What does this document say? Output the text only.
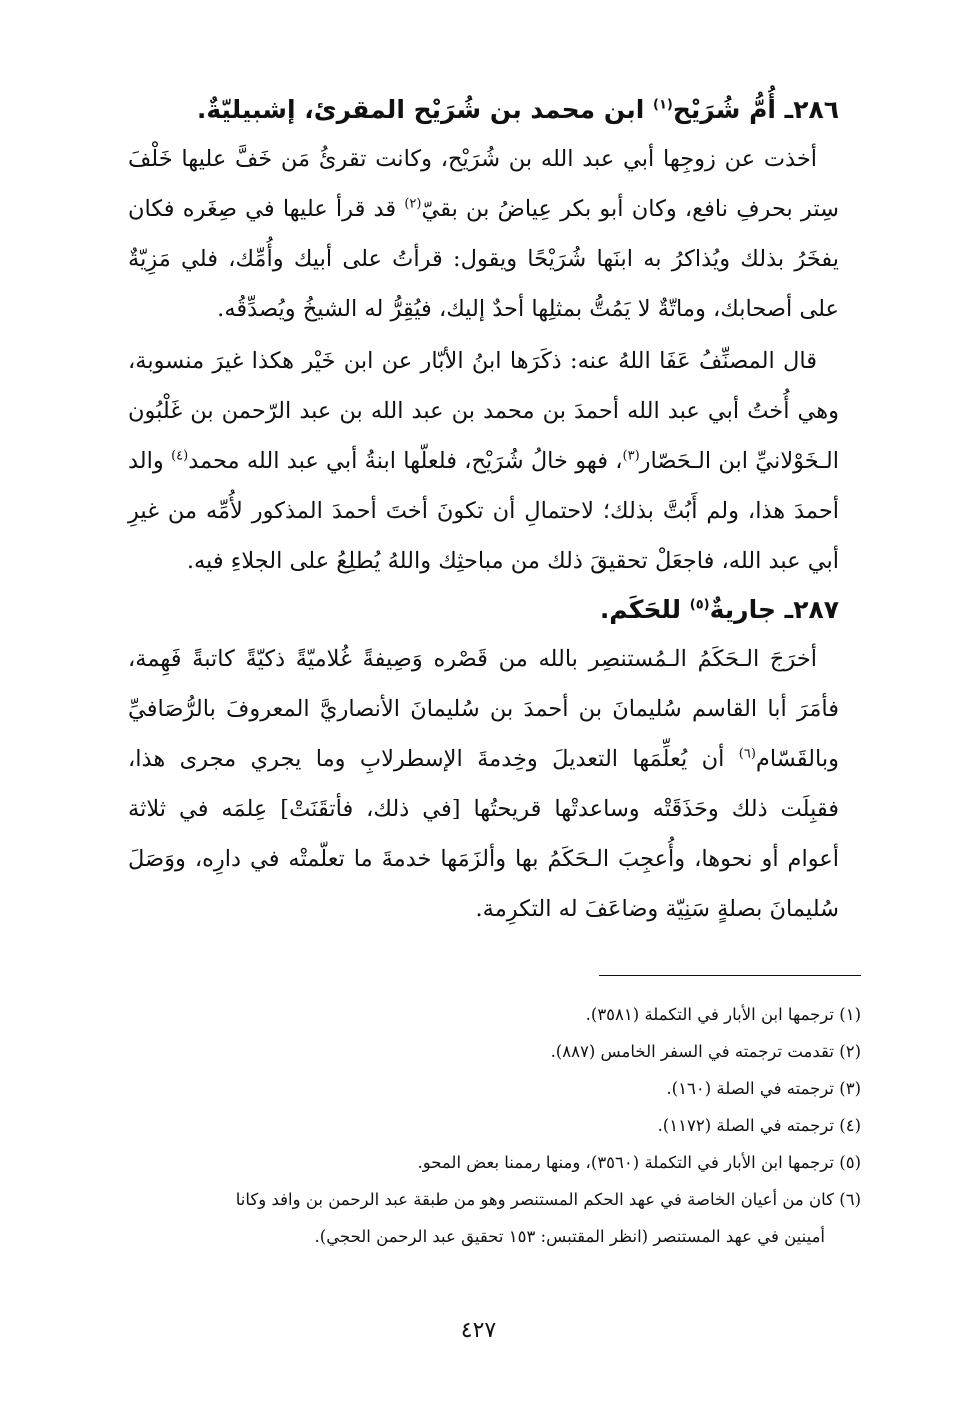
٢٨٦ـ أُمُّ شُرَيْح$^{(١)}$ ابن محمد بن شُرَيْح المقرئ، إشبيليّةٌ.

أخذت عن زوجِها أبي عبد الله بن شُرَيْح، وكانت تقرئُ مَن خَفَّ عليها خَلْفَ سِتر بحرفِ نافع، وكان أبو بكر عِياضُ بن بقيّ$^{(٢)}$ قد قرأ عليها في صِغَره فكان يفخَرُ بذلك ويُذاكرُ به ابنَها شُرَيْحًا ويقول: قرأتُ على أبيك وأُمِّك، فلي مَزِيّةٌ على أصحابك، وماتّةٌ لا يَمُتُّ بمثلِها أحدٌ إليك، فيُقِرُّ له الشيخُ ويُصدِّقُه.

قال المصنِّفُ عَفَا اللهُ عنه: ذكَرَها ابنُ الأبّار عن ابن خَيْر هكذا غيرَ منسوبة، وهي أُختُ أبي عبد الله أحمدَ بن محمد بن عبد الله بن عبد الرّحمن بن غَلْبُون الـخَوْلانيِّ ابن الـحَصّار$^{(٣)}$، فهو خالُ شُرَيْح، فلعلّها ابنةُ أبي عبد الله محمد$^{(٤)}$ والد أحمدَ هذا، ولم أَبُتَّ بذلك؛ لاحتمالِ أن تكونَ أختَ أحمدَ المذكور لأُمِّه من غيرِ أبي عبد الله، فاجعَلْ تحقيقَ ذلك من مباحثِك واللهُ يُطلِعُ على الجلاءِ فيه.

٢٨٧ـ جاريةٌ$^{(٥)}$ للحَكَم.

أخرَجَ الـحَكَمُ الـمُستنصِر بالله من قَصْره وَصِيفةً غُلاميّةً ذكيّةً كاتبةً فَهِمة، فأمَرَ أبا القاسم سُليمانَ بن أحمدَ بن سُليمانَ الأنصاريَّ المعروفَ بالرُّصَافيِّ وبالقَسّام$^{(٦)}$ أن يُعلِّمَها التعديلَ وخِدمةَ الإسطرلابِ وما يجري مجرى هذا، فقبِلَت ذلك وحَذَقَتْه وساعدتْها قريحتُها [في ذلك، فأتقَنَتْ] عِلمَه في ثلاثة أعوام أو نحوها، وأُعجِبَ الـحَكَمُ بها وألزَمَها خدمةَ ما تعلّمتْه في دارِه، ووَصَلَ سُليمانَ بصلةٍ سَنِيّة وضاعَفَ له التكرِمة.

(١) ترجمها ابن الأبار في التكملة (٣٥٨١).

(٢) تقدمت ترجمته في السفر الخامس (٨٨٧).

(٣) ترجمته في الصلة (١٦٠).

(٤) ترجمته في الصلة (١١٧٢).

(٥) ترجمها ابن الأبار في التكملة (٣٥٦٠)، ومنها رممنا بعض المحو.

(٦) كان من أعيان الخاصة في عهد الحكم المستنصر وهو من طبقة عبد الرحمن بن وافد وكانا

أمينين في عهد المستنصر (انظر المقتبس: ١٥٣ تحقيق عبد الرحمن الحجي).

٤٢٧
